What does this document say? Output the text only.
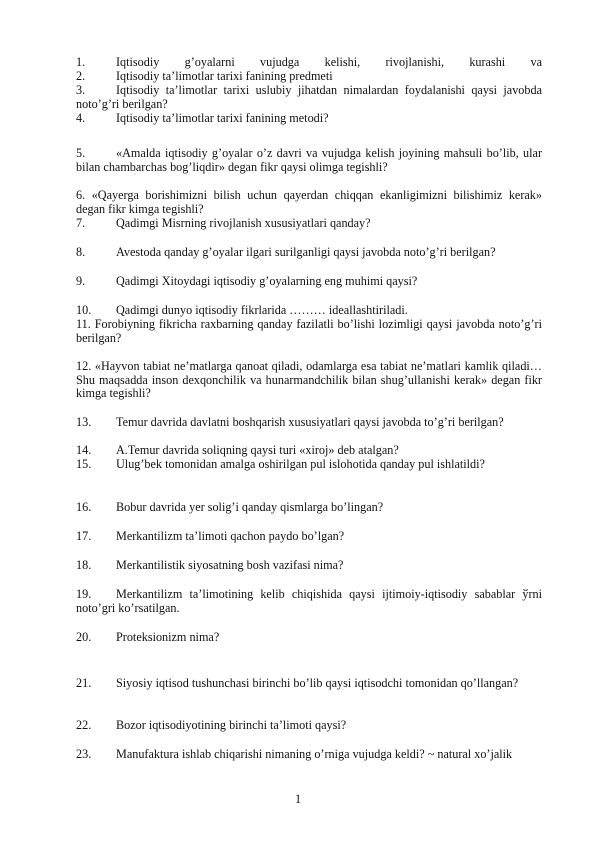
1.	Iqtisodiy g’oyalarni vujudga kelishi, rivojlanishi, kurashi va
2.	Iqtisodiy ta’limotlar tarixi fanining predmeti
3.	Iqtisodiy ta’limotlar tarixi uslubiy jihatdan nimalardan foydalanishi qaysi javobda noto’g’ri berilgan?
4.	Iqtisodiy ta’limotlar tarixi fanining metodi?
5.	«Amalda iqtisodiy g’oyalar o’z davri va vujudga kelish joyining mahsuli bo’lib, ular bilan chambarchas bog’liqdir» degan fikr qaysi olimga tegishli?
6. «Qayerga borishimizni bilish uchun qayerdan chiqqan ekanligimizni bilishimiz kerak» degan fikr kimga tegishli?
7.	Qadimgi Misrning rivojlanish xususiyatlari qanday?
8.	Avestoda qanday g’oyalar ilgari surilganligi qaysi javobda noto’g’ri berilgan?
9.	Qadimgi Xitoydagi iqtisodiy g’oyalarning eng muhimi qaysi?
10. Qadimgi dunyo iqtisodiy fikrlarida ……… ideallashtiriladi.
11. Forobiyning fikricha raxbarning qanday fazilatli bo’lishi lozimligi qaysi javobda noto’g’ri berilgan?
12. «Hayvon tabiat ne’matlarga qanoat qiladi, odamlarga esa tabiat ne’matlari kamlik qiladi… Shu maqsadda inson dexqonchilik va hunarmandchilik bilan shug’ullanishi kerak» degan fikr kimga tegishli?
13. Temur davrida davlatni boshqarish xususiyatlari qaysi javobda to’g’ri berilgan?
14. A.Temur davrida soliqning qaysi turi «xiroj» deb atalgan?
15. Ulug’bek tomonidan amalga oshirilgan pul islohotida qanday pul ishlatildi?
16. Bobur davrida yer solig’i qanday qismlarga bo’lingan?
17. Merkantilizm ta’limoti qachon paydo bo’lgan?
18. Merkantilistik siyosatning bosh vazifasi nima?
19. Merkantilizm ta’limotining kelib chiqishida qaysi ijtimoiy-iqtisodiy sabablar ўrni noto’gri ko’rsatilgan.
20. Proteksionizm nima?
21. Siyosiy iqtisod tushunchasi birinchi bo’lib qaysi iqtisodchi tomonidan qo’llangan?
22. Bozor iqtisodiyotining birinchi ta’limoti qaysi?
23. Manufaktura ishlab chiqarishi nimaning o’rniga vujudga keldi? ~ natural xo’jalik
1
